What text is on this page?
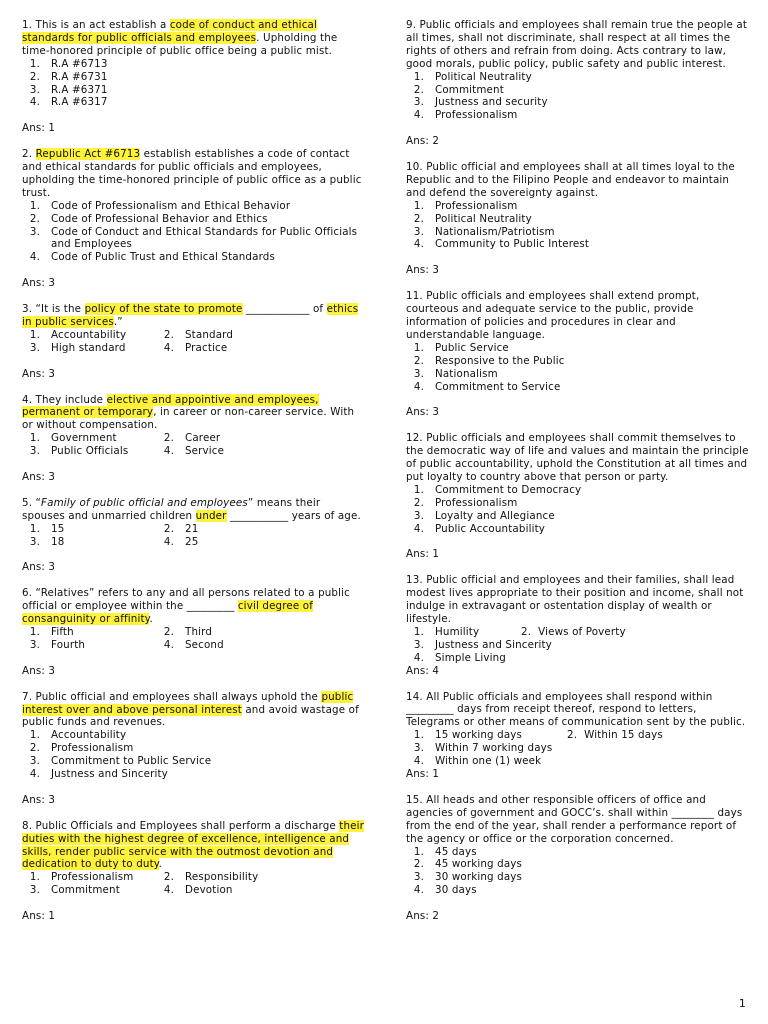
1. This is an act establish a code of conduct and ethical standards for public officials and employees. Upholding the time-honored principle of public office being a public mist.

1. R.A #6713
2. R.A #6731
3. R.A #6371
4. R.A #6317
Ans: 1

2. Republic Act #6713 establish establishes a code of contact and ethical standards for public officials and employees, upholding the time-honored principle of public office as a public trust.

1. Code of Professionalism and Ethical Behavior
2. Code of Professional Behavior and Ethics
3. Code of Conduct and Ethical Standards for Public Officials and Employees
4. Code of Public Trust and Ethical Standards
Ans: 3

3. “It is the policy of the state to promote ____________ of ethics in public services.”

1. Accountability	2. Standard
3. High standard	4. Practice
Ans: 3

4. They include elective and appointive and employees, permanent or temporary, in career or non-career service. With or without compensation.

1. Government	2. Career
3. Public Officials	4. Service
Ans: 3

5. “Family of public official and employees” means their spouses and unmarried children under ___________ years of age.

1. 15	2. 21
3. 18	4. 25
Ans: 3

6. “Relatives” refers to any and all persons related to a public official or employee within the _________ civil degree of consanguinity or affinity.

1. Fifth	2. Third
3. Fourth	4. Second
Ans: 3

7. Public official and employees shall always uphold the public interest over and above personal interest and avoid wastage of public funds and revenues.

1. Accountability
2. Professionalism
3. Commitment to Public Service
4. Justness and Sincerity
Ans: 3

8. Public Officials and Employees shall perform a discharge their duties with the highest degree of excellence, intelligence and skills, render public service with the outmost devotion and dedication to duty to duty.

1. Professionalism	2. Responsibility
3. Commitment	4. Devotion
Ans: 1

9. Public officials and employees shall remain true the people at all times, shall not discriminate, shall respect at all times the rights of others and refrain from doing. Acts contrary to law, good morals, public policy, public safety and public interest.

1. Political Neutrality
2. Commitment
3. Justness and security
4. Professionalism
Ans: 2

10. Public official and employees shall at all times loyal to the Republic and to the Filipino People and endeavor to maintain and defend the sovereignty against.

1. Professionalism
2. Political Neutrality
3. Nationalism/Patriotism
4. Community to Public Interest
Ans: 3

11. Public officials and employees shall extend prompt, courteous and adequate service to the public, provide information of policies and procedures in clear and understandable language.

1. Public Service
2. Responsive to the Public
3. Nationalism
4. Commitment to Service
Ans: 3

12. Public officials and employees shall commit themselves to the democratic way of life and values and maintain the principle of public accountability, uphold the Constitution at all times and put loyalty to country above that person or party.

1. Commitment to Democracy
2. Professionalism
3. Loyalty and Allegiance
4. Public Accountability
Ans: 1

13. Public official and employees and their families, shall lead modest lives appropriate to their position and income, shall not indulge in extravagant or ostentation display of wealth or lifestyle.

1. Humility	2. Views of Poverty
3. Justness and Sincerity
4. Simple Living
Ans: 4

14. All Public officials and employees shall respond within _________ days from receipt thereof, respond to letters, Telegrams or other means of communication sent by the public.

1. 15 working days	2. Within 15 days
3. Within 7 working days
4. Within one (1) week
Ans: 1

15. All heads and other responsible officers of office and agencies of government and GOCC’s. shall within ________ days from the end of the year, shall render a performance report of the agency or office or the corporation concerned.

1. 45 days
2. 45 working days
3. 30 working days
4. 30 days
Ans: 2
1
